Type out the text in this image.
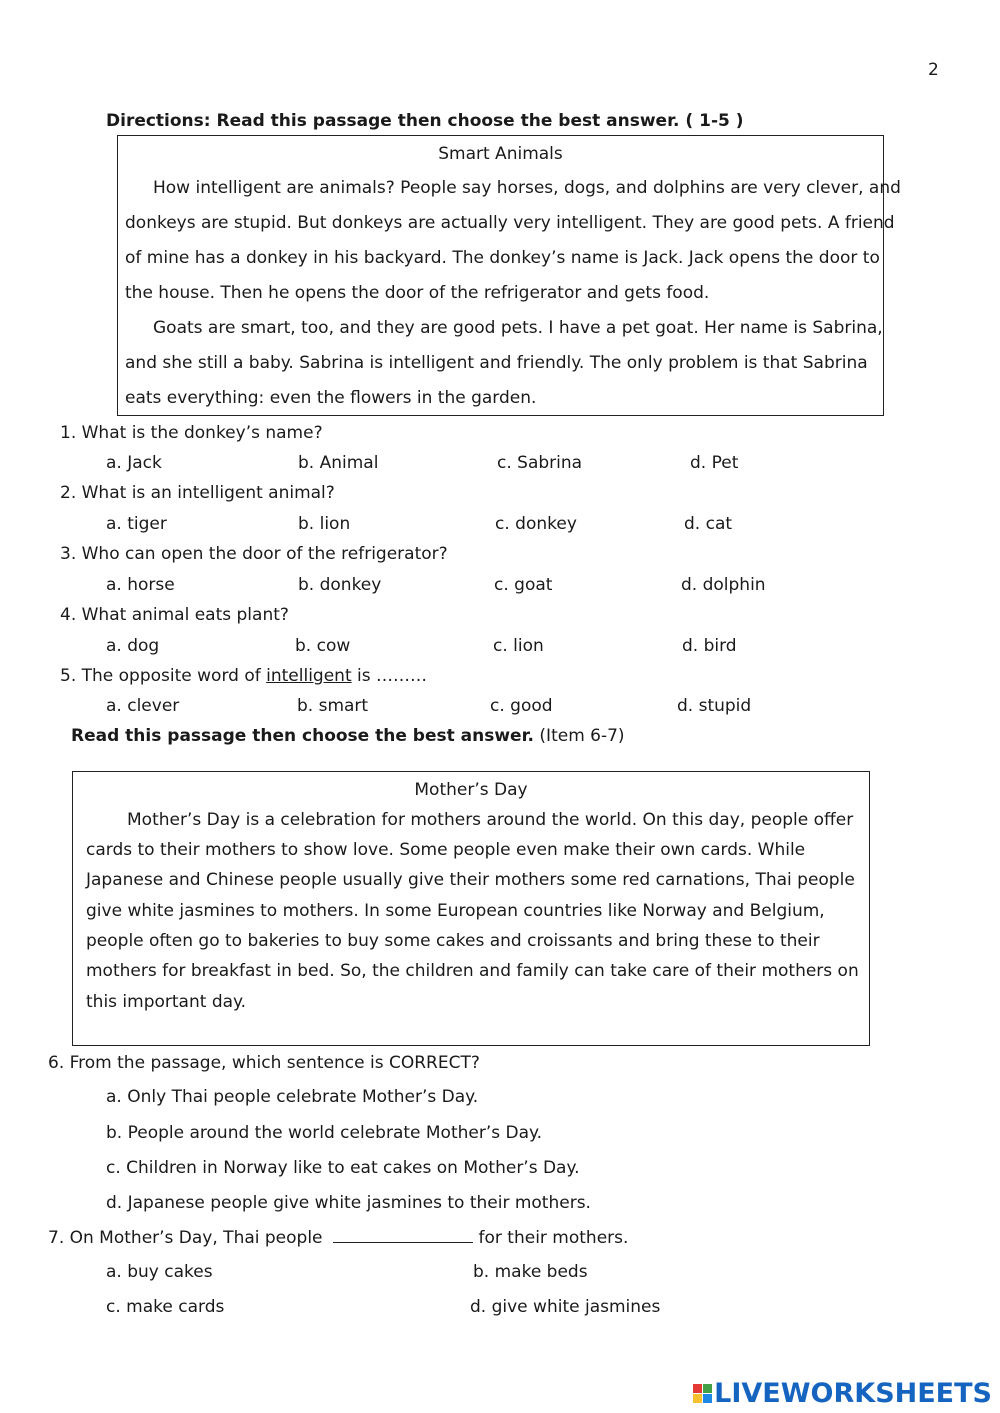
2
Directions: Read this passage then choose the best answer. ( 1-5 )
Smart Animals
How intelligent are animals? People say horses, dogs, and dolphins are very clever, and
donkeys are stupid. But donkeys are actually very intelligent. They are good pets. A friend
of mine has a donkey in his backyard. The donkey’s name is Jack. Jack opens the door to
the house. Then he opens the door of the refrigerator and gets food.
Goats are smart, too, and they are good pets. I have a pet goat. Her name is Sabrina,
and she still a baby. Sabrina is intelligent and friendly. The only problem is that Sabrina
eats everything: even the flowers in the garden.
1. What is the donkey’s name?
a. Jack	b. Animal	c. Sabrina	d. Pet
2. What is an intelligent animal?
a. tiger	b. lion	c. donkey	d. cat
3. Who can open the door of the refrigerator?
a. horse	b. donkey	c. goat	d. dolphin
4. What animal eats plant?
a. dog	b. cow	c. lion	d. bird
5. The opposite word of intelligent is ………
a. clever	b. smart	c. good	d. stupid
Read this passage then choose the best answer. (Item 6-7)
Mother’s Day
Mother’s Day is a celebration for mothers around the world. On this day, people offer
cards to their mothers to show love. Some people even make their own cards. While
Japanese and Chinese people usually give their mothers some red carnations, Thai people
give white jasmines to mothers. In some European countries like Norway and Belgium,
people often go to bakeries to buy some cakes and croissants and bring these to their
mothers for breakfast in bed. So, the children and family can take care of their mothers on
this important day.
6. From the passage, which sentence is CORRECT?
a. Only Thai people celebrate Mother’s Day.
b. People around the world celebrate Mother’s Day.
c. Children in Norway like to eat cakes on Mother’s Day.
d. Japanese people give white jasmines to their mothers.
7. On Mother’s Day, Thai people	for their mothers.
a. buy cakes	b. make beds
c. make cards	d. give white jasmines
LIVEWORKSHEETS
